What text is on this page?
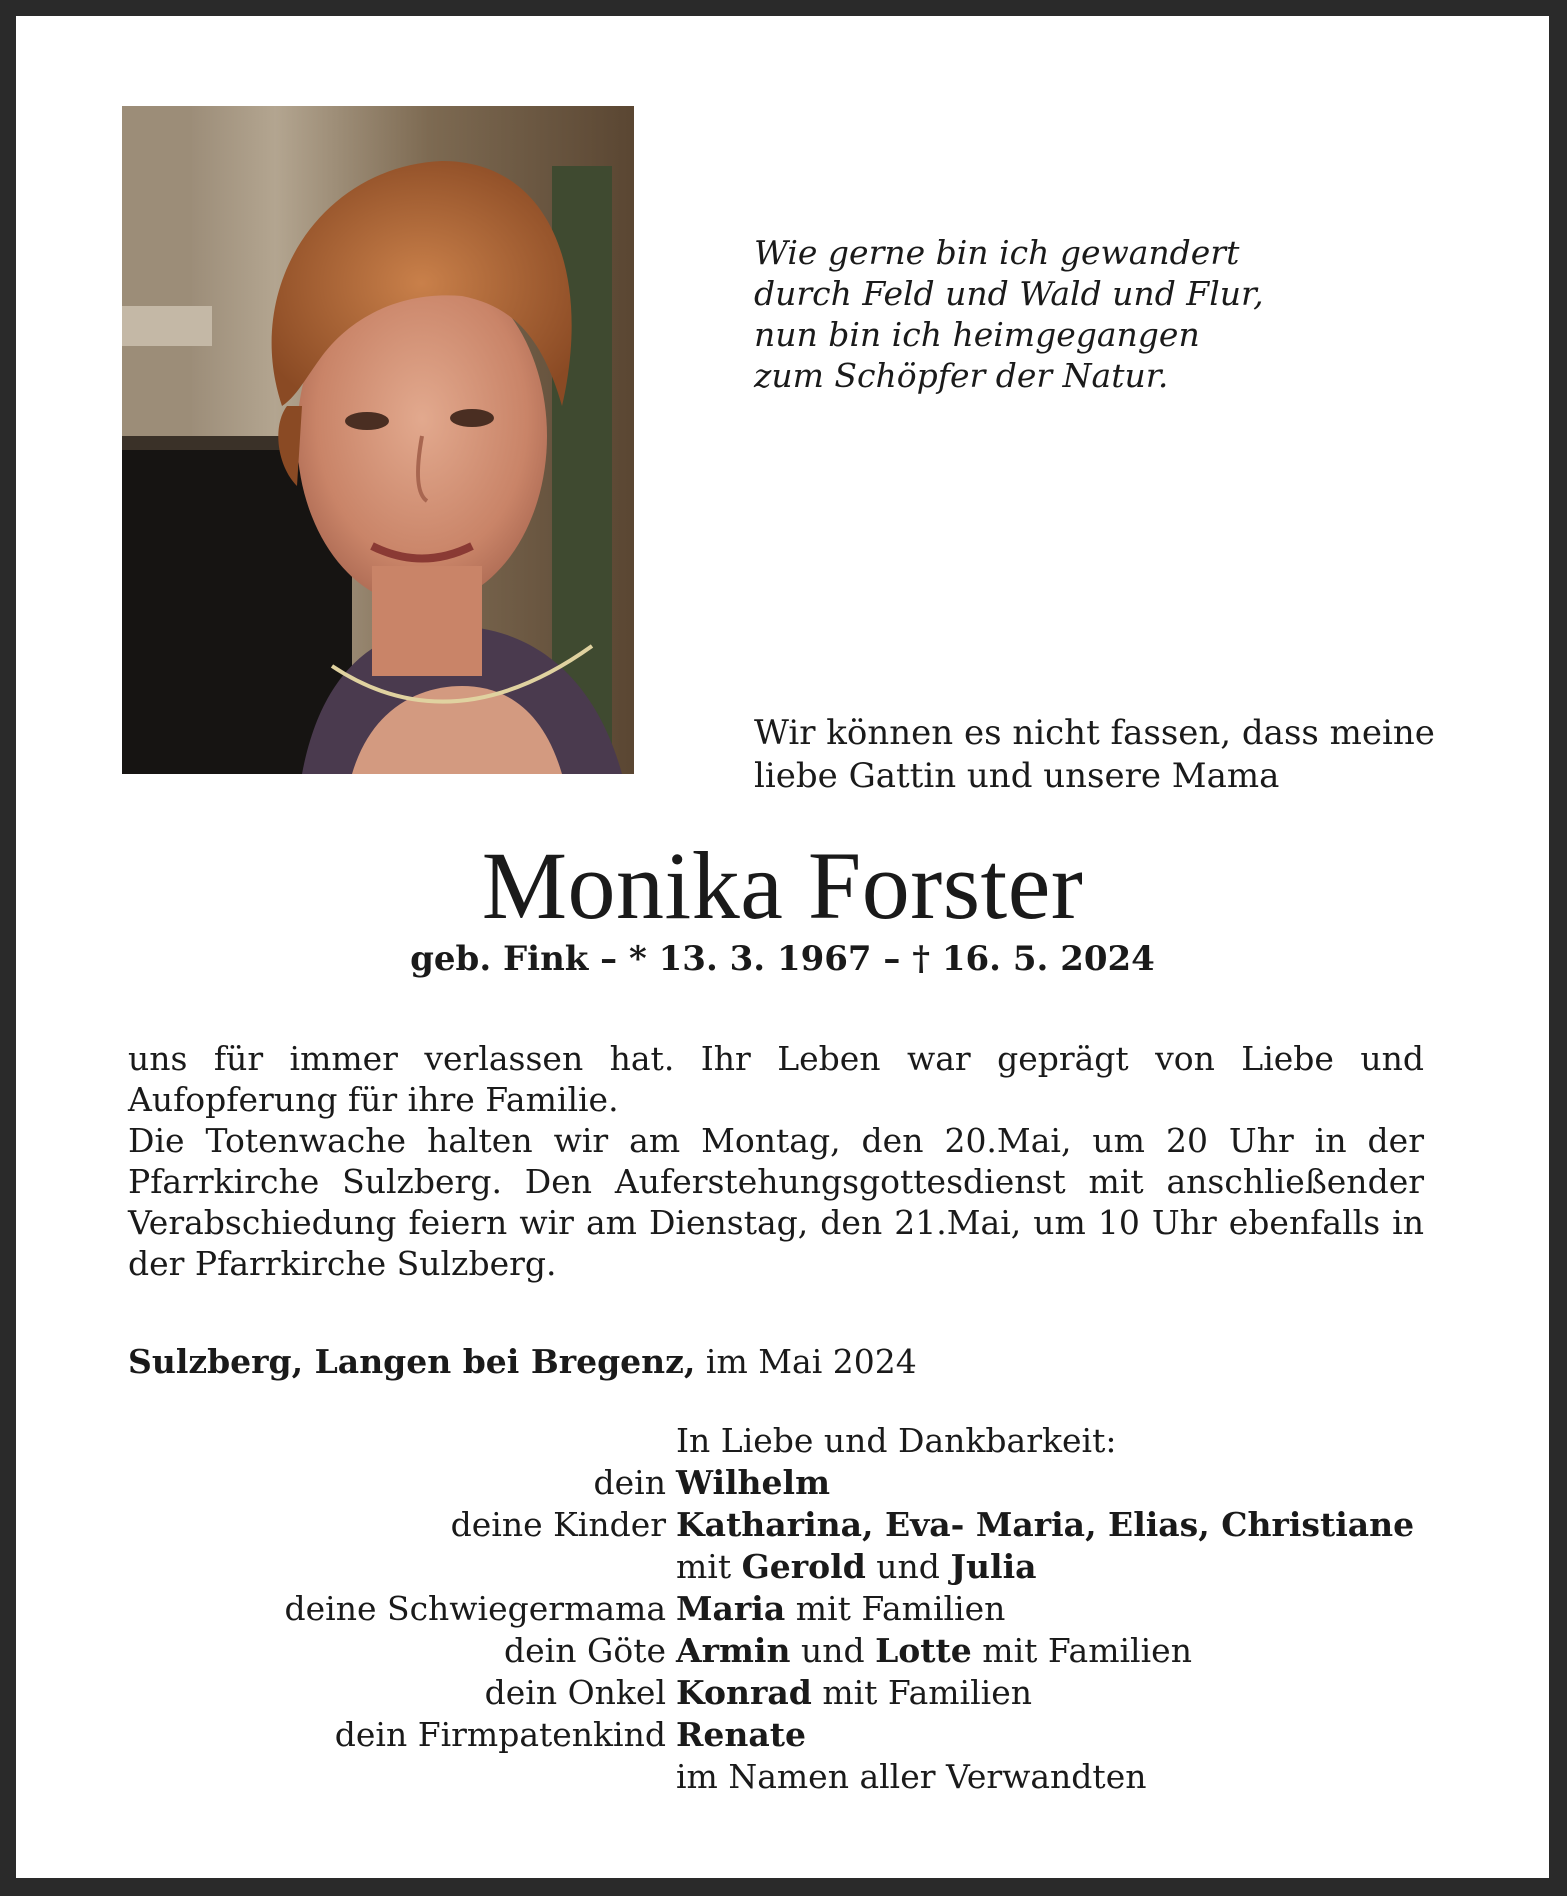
Wie gerne bin ich gewandert
durch Feld und Wald und Flur,
nun bin ich heimgegangen
zum Schöpfer der Natur.
Wir können es nicht fassen, dass meine
liebe Gattin und unsere Mama
Monika Forster
geb. Fink – * 13. 3. 1967 – † 16. 5. 2024

uns für immer verlassen hat. Ihr Leben war geprägt von Liebe und Aufopferung für ihre Familie.

Die Totenwache halten wir am Montag, den 20.Mai, um 20 Uhr in der Pfarrkirche Sulzberg. Den Auferstehungsgottesdienst mit anschließender Verabschiedung feiern wir am Dienstag, den 21.Mai, um 10 Uhr ebenfalls in der Pfarrkirche Sulzberg.

Sulzberg, Langen bei Bregenz, im Mai 2024
In Liebe und Dankbarkeit:
dein Wilhelm
deine Kinder Katharina, Eva- Maria, Elias, Christiane
mit Gerold und Julia
deine Schwiegermama Maria mit Familien
dein Göte Armin und Lotte mit Familien
dein Onkel Konrad mit Familien
dein Firmpatenkind Renate
im Namen aller Verwandten
